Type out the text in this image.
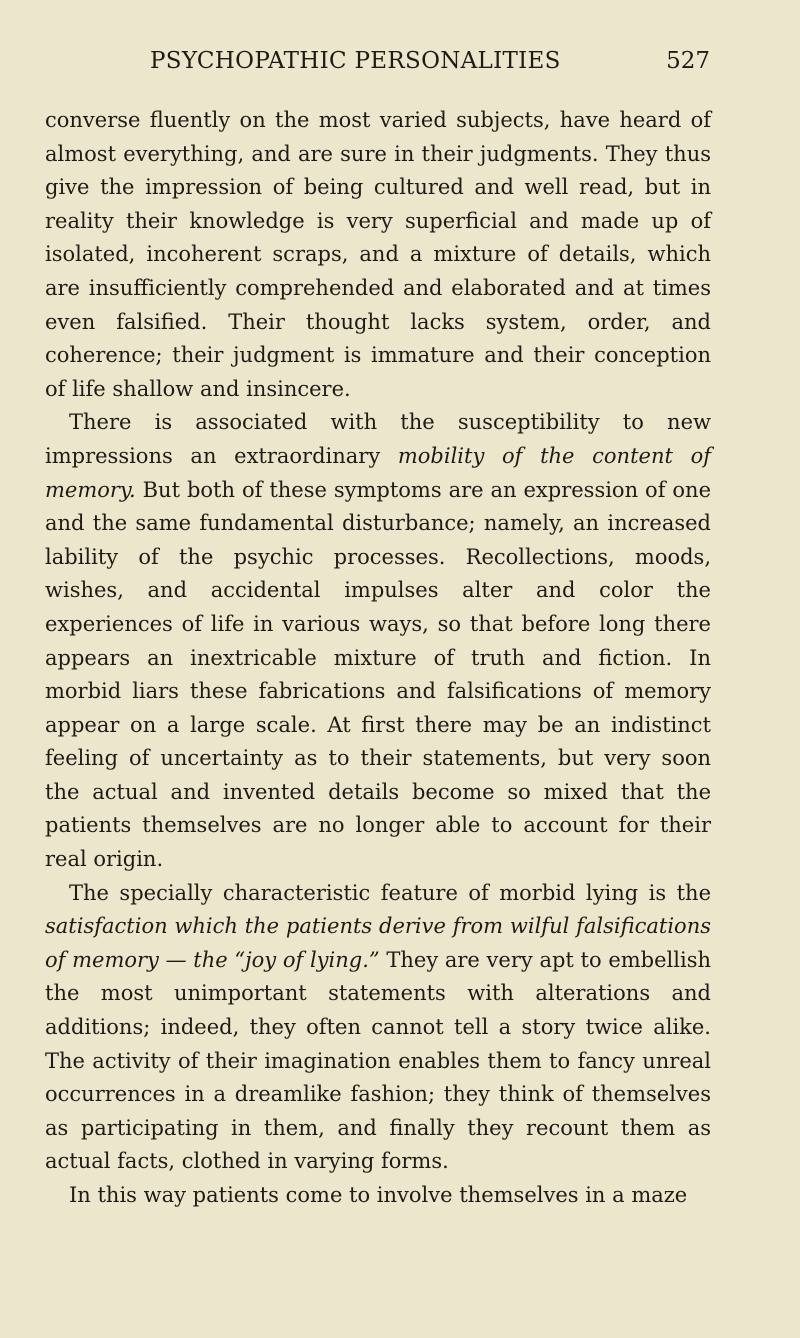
PSYCHOPATHIC PERSONALITIES	527

converse fluently on the most varied subjects, have heard of almost everything, and are sure in their judgments. They thus give the impression of being cultured and well read, but in reality their knowledge is very superficial and made up of isolated, incoherent scraps, and a mixture of details, which are insufficiently comprehended and elaborated and at times even falsified. Their thought lacks system, order, and coherence; their judgment is immature and their conception of life shallow and insincere.

There is associated with the susceptibility to new impressions an extraordinary mobility of the content of memory. But both of these symptoms are an expression of one and the same fundamental disturbance; namely, an increased lability of the psychic processes. Recollections, moods, wishes, and accidental impulses alter and color the experiences of life in various ways, so that before long there appears an inextricable mixture of truth and fiction. In morbid liars these fabrications and falsifications of memory appear on a large scale. At first there may be an indistinct feeling of uncertainty as to their statements, but very soon the actual and invented details become so mixed that the patients themselves are no longer able to account for their real origin.

The specially characteristic feature of morbid lying is the satisfaction which the patients derive from wilful falsifications of memory — the “joy of lying.” They are very apt to embellish the most unimportant statements with alterations and additions; indeed, they often cannot tell a story twice alike. The activity of their imagination enables them to fancy unreal occurrences in a dreamlike fashion; they think of themselves as participating in them, and finally they recount them as actual facts, clothed in varying forms.

In this way patients come to involve themselves in a maze
